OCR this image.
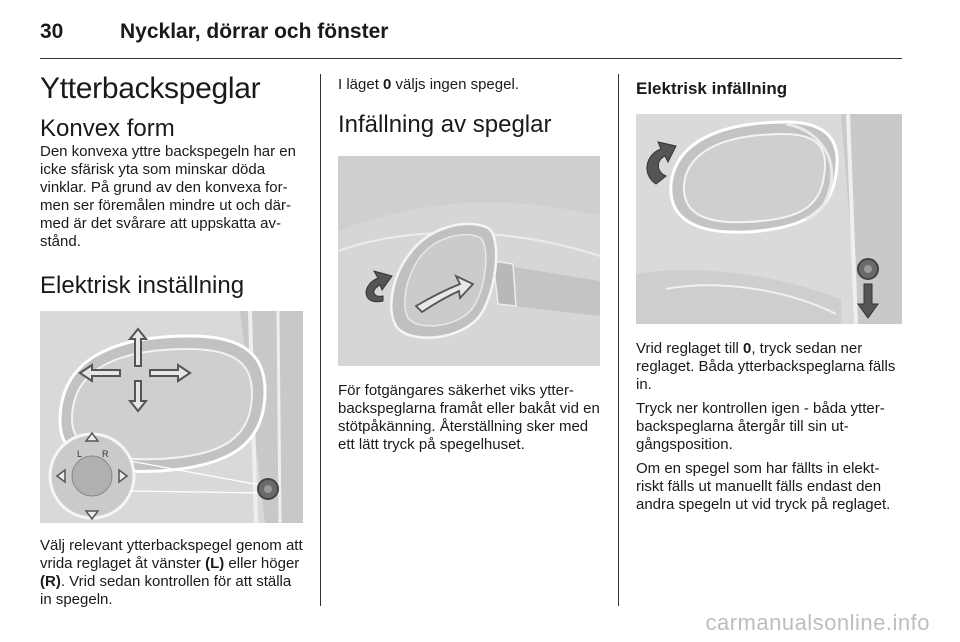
30	Nycklar, dörrar och fönster
Ytterbackspeglar
Konvex form

Den konvexa yttre backspegeln har en icke sfärisk yta som minskar döda vinklar. På grund av den konvexa for-men ser föremålen mindre ut och där-med är det svårare att uppskatta av-stånd.

Elektrisk inställning
L R

Välj relevant ytterbackspegel genom att vrida reglaget åt vänster (L) eller höger (R). Vrid sedan kontrollen för att ställa in spegeln.

I läget 0 väljs ingen spegel.

Infällning av speglar

För fotgängares säkerhet viks ytter-backspeglarna framåt eller bakåt vid en stötpåkänning. Återställning sker med ett lätt tryck på spegelhuset.

Elektrisk infällning

Vrid reglaget till 0, tryck sedan ner reglaget. Båda ytterbackspeglarna fälls in.

Tryck ner kontrollen igen - båda ytter-backspeglarna återgår till sin ut-gångsposition.

Om en spegel som har fällts in elekt-riskt fälls ut manuellt fälls endast den andra spegeln ut vid tryck på reglaget.

carmanualsonline.info
